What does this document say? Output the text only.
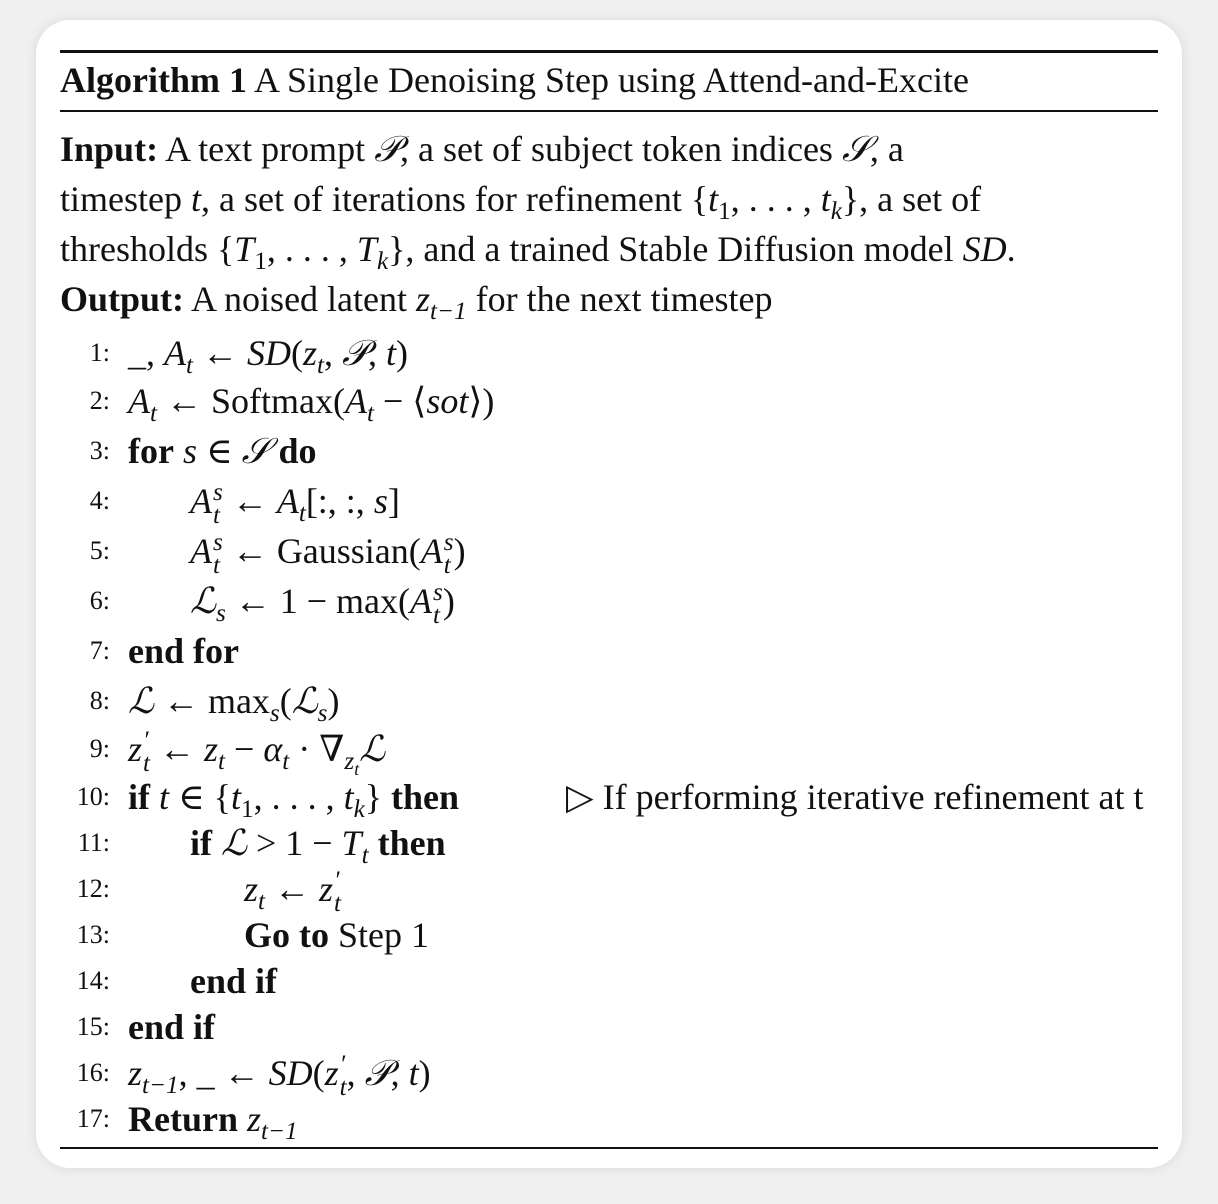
Algorithm 1 A Single Denoising Step using Attend-and-Excite
Input: A text prompt 𝒫, a set of subject token indices 𝒮, a
timestep t, a set of iterations for refinement {$t_1$, . . . , $t_k$}, a set of
thresholds {$T_1$, . . . , $T_k$}, and a trained Stable Diffusion model SD.
Output: A noised latent $z_{t-1}$ for the next timestep
1: _, $A_t$ ← $SD(z_t$, 𝒫, t)
2: $A_t$ ← $Softmax(A_t$ − ⟨sot⟩)
3: for s ∈ 𝒮 do
4: A s
t ← $A_t$[:, :, s]
5: A s
t ← Gaussian(A s
t )
6: ℒ$_s$ ← 1 − max(A s
t )
7: end for
8: ℒ ← $\max_s(ℒ_s)$
9: z ′
t ← $z_t - \alpha_t$ · $\nabla_{z_t}ℒ$
10: if t ∈ {$t_1$, . . . , $t_k$} then	▷ If performing iterative refinement at t
11: if ℒ > $1 - T_t$ then
12:	$z_t$ ← z ′
t
13:	Go to Step 1
14: end if
15: end if
16: $z_{t-1}$, _ ← SD(z ′
t , 𝒫, t)
17: Return $z_{t-1}$
